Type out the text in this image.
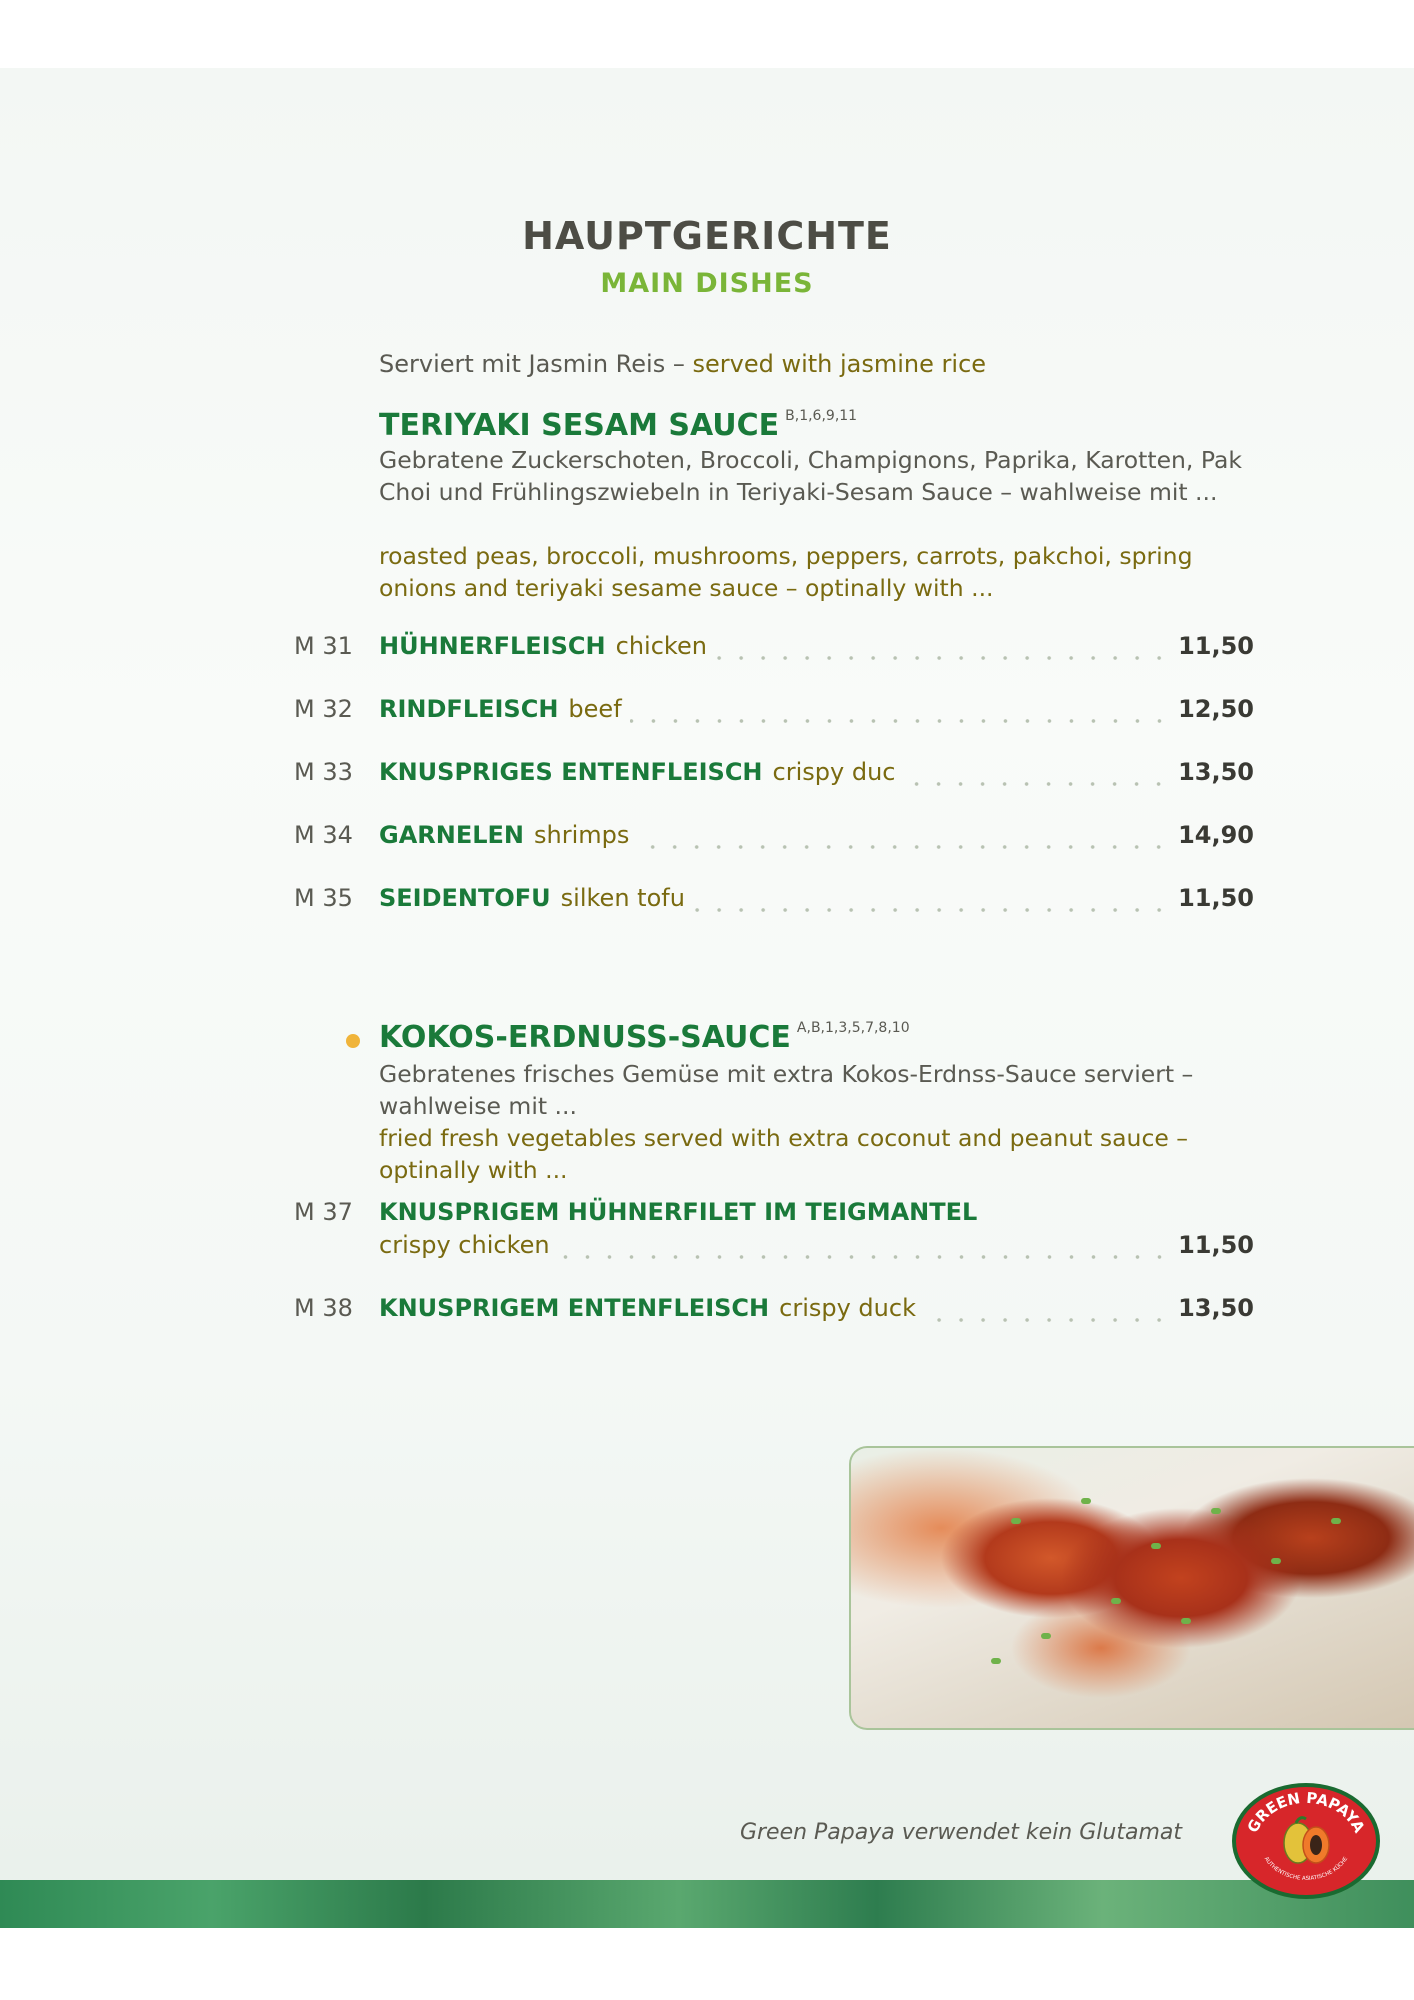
HAUPTGERICHTE
MAIN DISHES
Serviert mit Jasmin Reis – served with jasmine rice
TERIYAKI SESAM SAUCE $^{B,1,6,9,11}$
Gebratene Zuckerschoten, Broccoli, Champignons, Paprika, Karotten, Pak Choi und Frühlingszwiebeln in Teriyaki-Sesam Sauce – wahlweise mit ...
roasted peas, broccoli, mushrooms, peppers, carrots, pakchoi, spring onions and teriyaki sesame sauce – optinally with ...
M 31	HÜHNERFLEISCH chicken	11,50
M 32	RINDFLEISCH beef	12,50
M 33	KNUSPRIGES ENTENFLEISCH crispy duc	13,50
M 34	GARNELEN shrimps	14,90
M 35	SEIDENTOFU silken tofu	11,50
KOKOS-ERDNUSS-SAUCE $^{A,B,1,3,5,7,8,10}$
Gebratenes frisches Gemüse mit extra Kokos-Erdnss-Sauce serviert – wahlweise mit ...
fried fresh vegetables served with extra coconut and peanut sauce – optinally with ...
M 37	KNUSPRIGEM HÜHNERFILET IM TEIGMANTEL
crispy chicken	11,50
M 38	KNUSPRIGEM ENTENFLEISCH crispy duck	13,50
Green Papaya verwendet kein Glutamat	GREEN PAPAYA
AUTHENTISCHE ASIATISCHE KÜCHE
